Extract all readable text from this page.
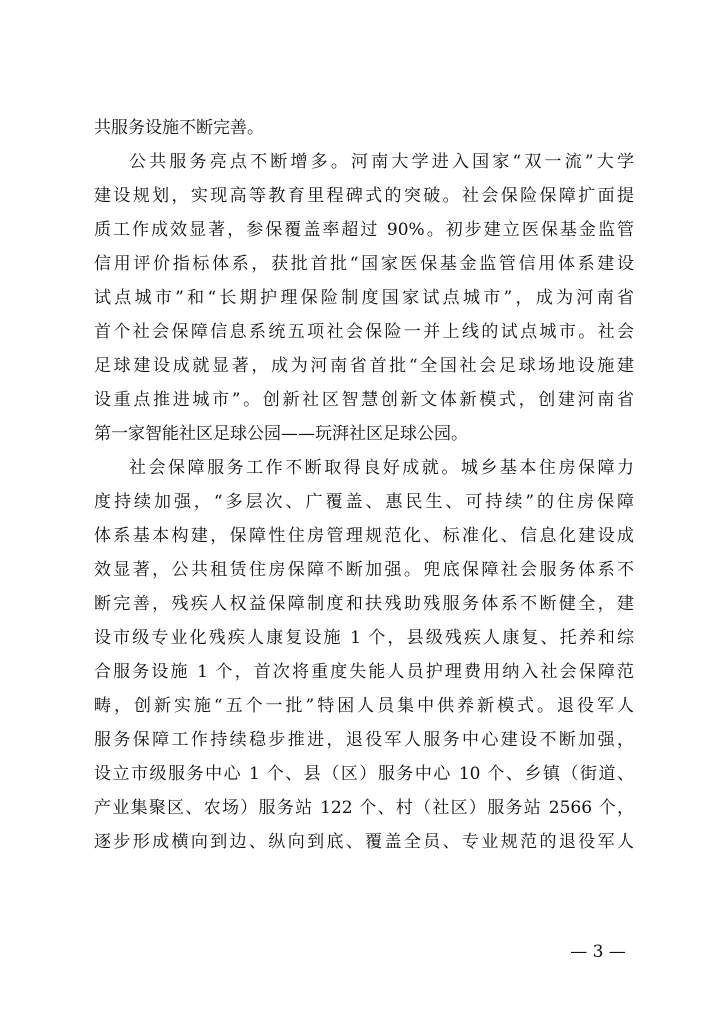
共服务设施不断完善。
公共服务亮点不断增多。河南大学进入国家“双一流”大学
建设规划，实现高等教育里程碑式的突破。社会保险保障扩面提
质工作成效显著，参保覆盖率超过 90%。初步建立医保基金监管
信用评价指标体系，获批首批“国家医保基金监管信用体系建设
试点城市”和“长期护理保险制度国家试点城市”，成为河南省
首个社会保障信息系统五项社会保险一并上线的试点城市。社会
足球建设成就显著，成为河南省首批“全国社会足球场地设施建
设重点推进城市”。创新社区智慧创新文体新模式，创建河南省
第一家智能社区足球公园——玩湃社区足球公园。
社会保障服务工作不断取得良好成就。城乡基本住房保障力
度持续加强，“多层次、广覆盖、惠民生、可持续”的住房保障
体系基本构建，保障性住房管理规范化、标准化、信息化建设成
效显著，公共租赁住房保障不断加强。兜底保障社会服务体系不
断完善，残疾人权益保障制度和扶残助残服务体系不断健全，建
设市级专业化残疾人康复设施 1 个，县级残疾人康复、托养和综
合服务设施 1 个，首次将重度失能人员护理费用纳入社会保障范
畴，创新实施“五个一批”特困人员集中供养新模式。退役军人
服务保障工作持续稳步推进，退役军人服务中心建设不断加强，
设立市级服务中心 1 个、县（区）服务中心 10 个、乡镇（街道、
产业集聚区、农场）服务站 122 个、村（社区）服务站 2566 个，
逐步形成横向到边、纵向到底、覆盖全员、专业规范的退役军人
— 3 —
